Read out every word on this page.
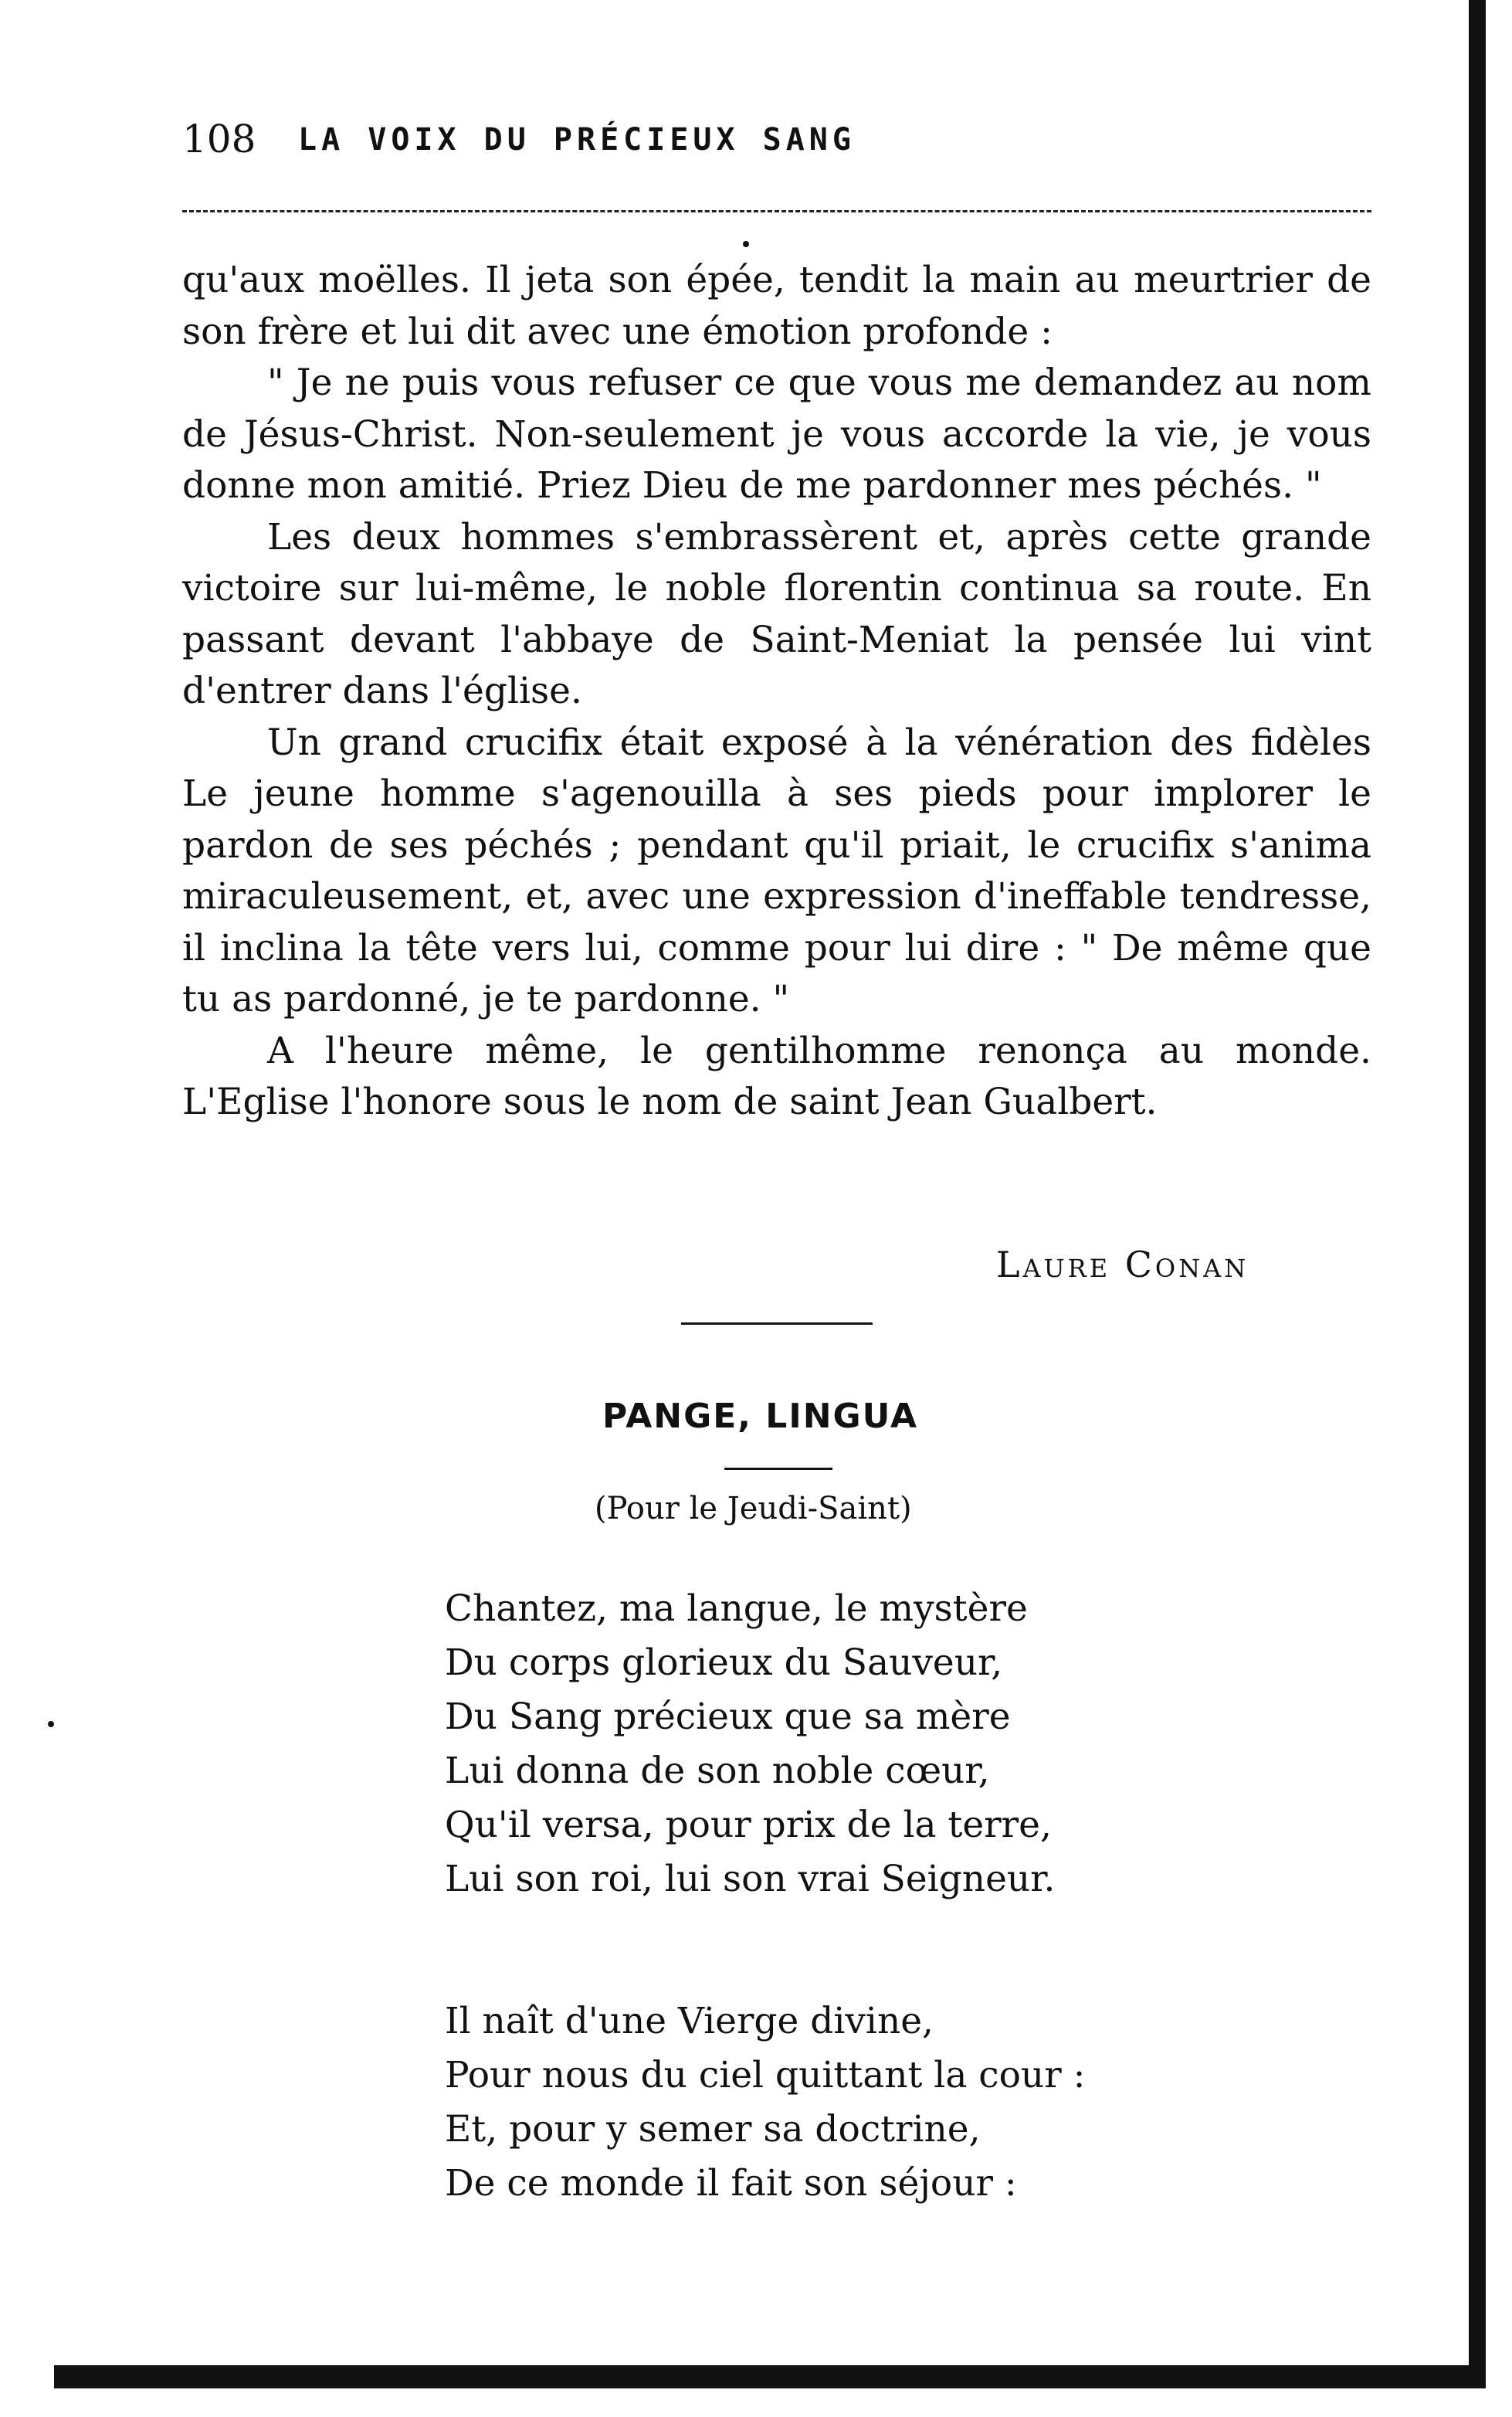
108 LA VOIX DU PRÉCIEUX SANG

qu'aux moëlles. Il jeta son épée, tendit la main au meurtrier de son frère et lui dit avec une émotion profonde :

" Je ne puis vous refuser ce que vous me demandez au nom de Jésus-Christ. Non-seulement je vous accorde la vie, je vous donne mon amitié. Priez Dieu de me pardonner mes péchés. "

Les deux hommes s'embrassèrent et, après cette grande victoire sur lui-même, le noble florentin continua sa route. En passant devant l'abbaye de Saint-Meniat la pensée lui vint d'entrer dans l'église.

Un grand crucifix était exposé à la vénération des fidèles Le jeune homme s'agenouilla à ses pieds pour implorer le pardon de ses péchés ; pendant qu'il priait, le crucifix s'anima miraculeusement, et, avec une expression d'ineffable tendresse, il inclina la tête vers lui, comme pour lui dire : " De même que tu as pardonné, je te pardonne. "

A l'heure même, le gentilhomme renonça au monde. L'Eglise l'honore sous le nom de saint Jean Gualbert.

Laure Conan
PANGE, LINGUA
(Pour le Jeudi-Saint)
Chantez, ma langue, le mystère
Du corps glorieux du Sauveur,
Du Sang précieux que sa mère
Lui donna de son noble cœur,
Qu'il versa, pour prix de la terre,
Lui son roi, lui son vrai Seigneur.
Il naît d'une Vierge divine,
Pour nous du ciel quittant la cour :
Et, pour y semer sa doctrine,
De ce monde il fait son séjour :
